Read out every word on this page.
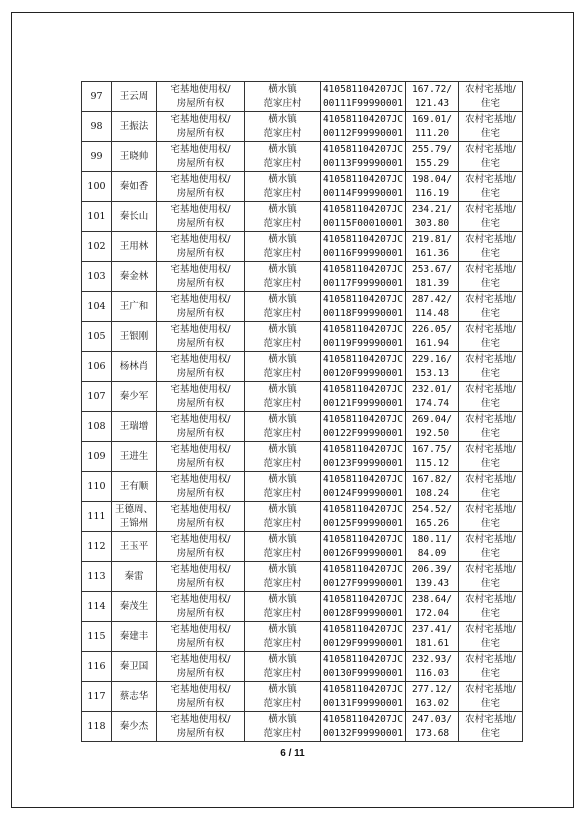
97	王云周	宅基地使用权/
房屋所有权	横水镇
范家庄村	410581104207JC
00111F99990001	167.72/
121.43	农村宅基地/
住宅

98	王振法	宅基地使用权/
房屋所有权	横水镇
范家庄村	410581104207JC
00112F99990001	169.01/
111.20	农村宅基地/
住宅

99	王晓帅	宅基地使用权/
房屋所有权	横水镇
范家庄村	410581104207JC
00113F99990001	255.79/
155.29	农村宅基地/
住宅

100	秦如香	宅基地使用权/
房屋所有权	横水镇
范家庄村	410581104207JC
00114F99990001	198.04/
116.19	农村宅基地/
住宅

101	秦长山	宅基地使用权/
房屋所有权	横水镇
范家庄村	410581104207JC
00115F00010001	234.21/
303.80	农村宅基地/
住宅

102	王用林	宅基地使用权/
房屋所有权	横水镇
范家庄村	410581104207JC
00116F99990001	219.81/
161.36	农村宅基地/
住宅

103	秦金林	宅基地使用权/
房屋所有权	横水镇
范家庄村	410581104207JC
00117F99990001	253.67/
181.39	农村宅基地/
住宅

104	王广和	宅基地使用权/
房屋所有权	横水镇
范家庄村	410581104207JC
00118F99990001	287.42/
114.48	农村宅基地/
住宅

105	王银刚	宅基地使用权/
房屋所有权	横水镇
范家庄村	410581104207JC
00119F99990001	226.05/
161.94	农村宅基地/
住宅

106	杨林肖	宅基地使用权/
房屋所有权	横水镇
范家庄村	410581104207JC
00120F99990001	229.16/
153.13	农村宅基地/
住宅

107	秦少军	宅基地使用权/
房屋所有权	横水镇
范家庄村	410581104207JC
00121F99990001	232.01/
174.74	农村宅基地/
住宅

108	王瑞增	宅基地使用权/
房屋所有权	横水镇
范家庄村	410581104207JC
00122F99990001	269.04/
192.50	农村宅基地/
住宅

109	王进生	宅基地使用权/
房屋所有权	横水镇
范家庄村	410581104207JC
00123F99990001	167.75/
115.12	农村宅基地/
住宅

110	王有顺	宅基地使用权/
房屋所有权	横水镇
范家庄村	410581104207JC
00124F99990001	167.82/
108.24	农村宅基地/
住宅

111	王德周、
王锦州	宅基地使用权/
房屋所有权	横水镇
范家庄村	410581104207JC
00125F99990001	254.52/
165.26	农村宅基地/
住宅

112	王玉平	宅基地使用权/
房屋所有权	横水镇
范家庄村	410581104207JC
00126F99990001	180.11/
84.09	农村宅基地/
住宅

113	秦雷	宅基地使用权/
房屋所有权	横水镇
范家庄村	410581104207JC
00127F99990001	206.39/
139.43	农村宅基地/
住宅

114	秦茂生	宅基地使用权/
房屋所有权	横水镇
范家庄村	410581104207JC
00128F99990001	238.64/
172.04	农村宅基地/
住宅

115	秦建丰	宅基地使用权/
房屋所有权	横水镇
范家庄村	410581104207JC
00129F99990001	237.41/
181.61	农村宅基地/
住宅

116	秦卫国	宅基地使用权/
房屋所有权	横水镇
范家庄村	410581104207JC
00130F99990001	232.93/
116.03	农村宅基地/
住宅

117	蔡志华	宅基地使用权/
房屋所有权	横水镇
范家庄村	410581104207JC
00131F99990001	277.12/
163.02	农村宅基地/
住宅

118	秦少杰	宅基地使用权/
房屋所有权	横水镇
范家庄村	410581104207JC
00132F99990001	247.03/
173.68	农村宅基地/
住宅
6 / 11
